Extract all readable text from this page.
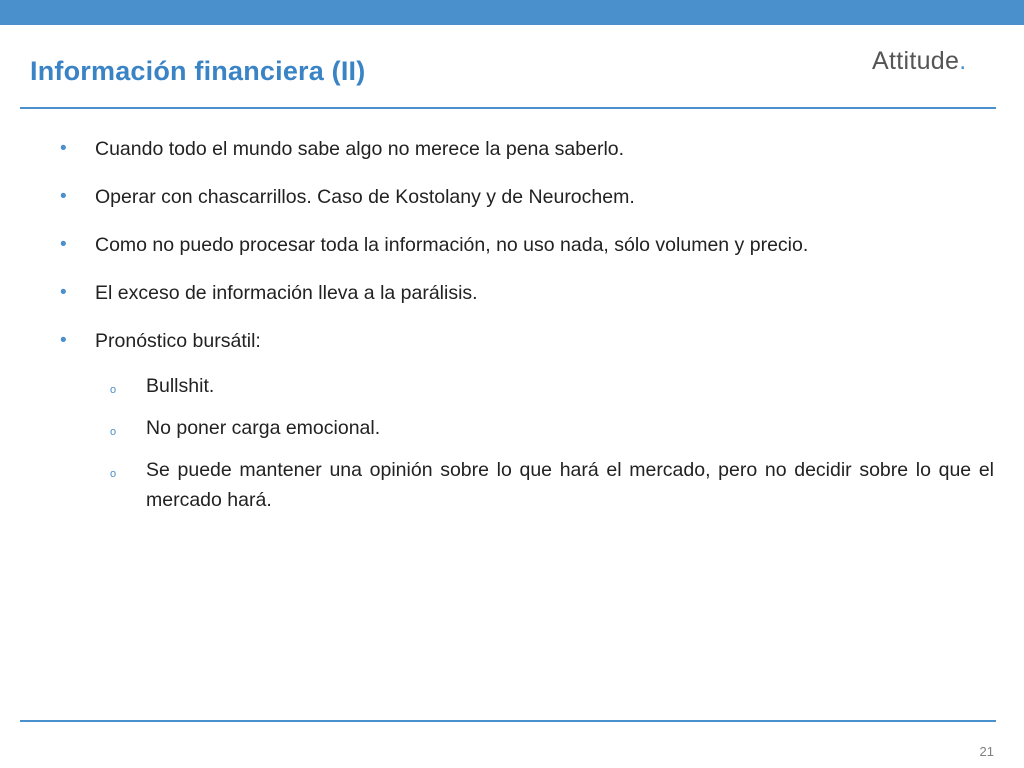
Información financiera (II)	Attitude.
• Cuando todo el mundo sabe algo no merece la pena saberlo.
• Operar con chascarrillos. Caso de Kostolany y de Neurochem.
• Como no puedo procesar toda la información, no uso nada, sólo volumen y precio.
• El exceso de información lleva a la parálisis.
• Pronóstico bursátil:
o Bullshit.
o No poner carga emocional.
o Se puede mantener una opinión sobre lo que hará el mercado, pero no decidir sobre lo que el mercado hará.
21
